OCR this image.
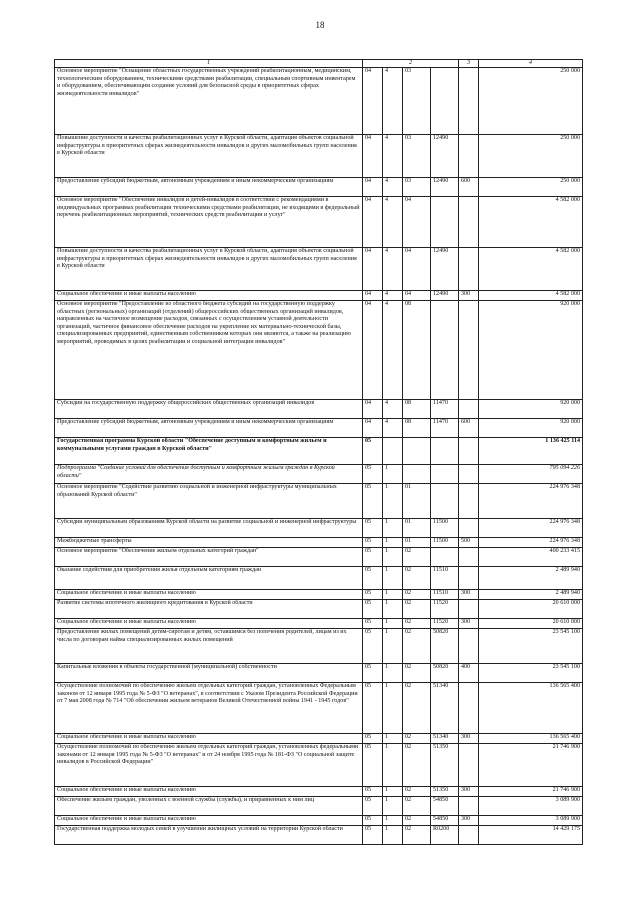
18
1	2				3	4
Основное мероприятие "Оснащение областных государственных учреждений реабилитационным, медицинским, технологическим оборудованием, техническими средствами реабилитации, специальным спортивным инвентарем и оборудованием, обеспечивающим создание условий для безопасной среды в приоритетных сферах жизнедеятельности инвалидов"	04	4	03			250 000
Повышение доступности и качества реабилитационных услуг в Курской области, адаптация объектов социальной инфраструктуры в приоритетных сферах жизнедеятельности инвалидов и других маломобильных групп населения в Курской области	04	4	03	12490		250 000
Предоставление субсидий бюджетным, автономным учреждениям и иным некоммерческим организациям	04	4	03	12490	600	250 000
Основное мероприятие "Обеспечение инвалидов и детей-инвалидов в соответствии с рекомендациями в индивидуальных программах реабилитации техническими средствами реабилитации, не входящими в федеральный перечень реабилитационных мероприятий, технических средств реабилитации и услуг"	04	4	04			4 582 000
Повышение доступности и качества реабилитационных услуг в Курской области, адаптация объектов социальной инфраструктуры в приоритетных сферах жизнедеятельности инвалидов и других маломобильных групп населения в Курской области	04	4	04	12490		4 582 000
Социальное обеспечение и иные выплаты населению	04	4	04	12490	300	4 582 000
Основное мероприятие "Предоставление из областного бюджета субсидий на государственную поддержку областных (региональных) организаций (отделений) общероссийских общественных организаций инвалидов, направленных на частичное возмещение расходов, связанных с осуществлением уставной деятельности организаций, частичное финансовое обеспечение расходов на укрепление их материально-технической базы, специализированных предприятий, единственным собственником которых они являются, а также на реализацию мероприятий, проводимых в целях реабилитации и социальной интеграции инвалидов"	04	4	08			920 000
Субсидии на государственную поддержку общероссийских общественных организаций инвалидов	04	4	08	11470		920 000
Предоставление субсидий бюджетным, автономным учреждениям и иным некоммерческим организациям	04	4	08	11470	600	920 000
Государственная программа Курской области "Обеспечение доступным и комфортным жильем и коммунальными услугами граждан в Курской области"	05					1 136 425 114
Подпрограмма "Создание условий для обеспечения доступным и комфортным жильем граждан в Курской области"	05	1				795 094 226
Основное мероприятие "Содействие развитию социальной и инженерной инфраструктуры муниципальных образований Курской области"	05	1	01			224 976 348
Субсидии муниципальным образованиям Курской области на развитие социальной и инженерной инфраструктуры	05	1	01	11500		224 976 348
Межбюджетные трансферты	05	1	01	11500	500	224 976 348
Основное мероприятие "Обеспечение жильем отдельных категорий граждан"	05	1	02			400 233 415
Оказание содействия для приобретения жилья отдельным категориям граждан	05	1	02	11510		2 489 940
Социальное обеспечение и иные выплаты населению	05	1	02	11510	300	2 489 940
Развитие системы ипотечного жилищного кредитования в Курской области	05	1	02	11520		20 610 000
Социальное обеспечение и иные выплаты населению	05	1	02	11520	300	20 610 000
Предоставление жилых помещений детям-сиротам и детям, оставшимся без попечения родителей, лицам из их числа по договорам найма специализированных жилых помещений	05	1	02	50820		23 545 100
Капитальные вложения в объекты государственной (муниципальной) собственности	05	1	02	50820	400	23 545 100
Осуществление полномочий по обеспечению жильем отдельных категорий граждан, установленных Федеральным законом от 12 января 1995 года № 5-ФЗ "О ветеранах", в соответствии с Указом Президента Российской Федерации от 7 мая 2008 года № 714 "Об обеспечении жильем ветеранов Великой Отечественной войны 1941 - 1945 годов"	05	1	02	51340		136 565 400
Социальное обеспечение и иные выплаты населению	05	1	02	51340	300	136 565 400
Осуществление полномочий по обеспечению жильем отдельных категорий граждан, установленных федеральными законами от 12 января 1995 года № 5-ФЗ "О ветеранах" и от 24 ноября 1995 года № 181-ФЗ "О социальной защите инвалидов в Российской Федерации"	05	1	02	51350		21 746 900
Социальное обеспечение и иные выплаты населению	05	1	02	51350	300	21 746 900
Обеспечение жильем граждан, уволенных с военной службы (службы), и приравненных к ним лиц	05	1	02	54850		3 089 900
Социальное обеспечение и иные выплаты населению	05	1	02	54850	300	3 089 900
Государственная поддержка молодых семей в улучшении жилищных условий на территории Курской области	05	1	02	R0200		14 429 175
